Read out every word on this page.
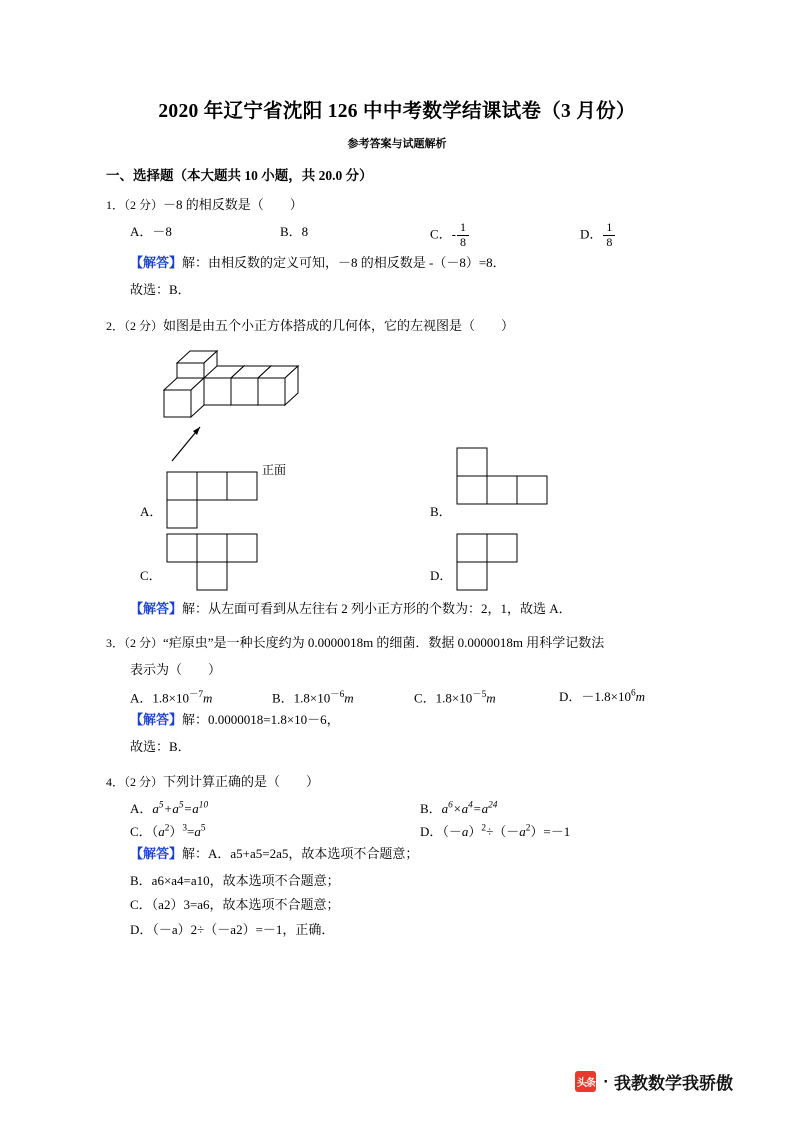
2020 年辽宁省沈阳 126 中中考数学结课试卷（3 月份）
参考答案与试题解析
一、选择题（本大题共 10 小题，共 20.0 分）
1．（2 分）－8 的相反数是（　　）
A．－8	B．8	C．- $\frac{1}{8}$	D． $\frac{1}{8}$
【解答】解：由相反数的定义可知，－8 的相反数是 -（－8）=8．
故选：B．
2．（2 分）如图是由五个小正方体搭成的几何体，它的左视图是（　　）
正面
A．	B．
C．	D．
【解答】解：从左面可看到从左往右 2 列小正方形的个数为：2，1，故选 A．
3．（2 分）“疟原虫”是一种长度约为 0.0000018m 的细菌．数据 0.0000018m 用科学记数法
表示为（　　）
A．$1.8\times 10^{-7}m$	B．$1.8\times 10^{-6}m$	C．$1.8\times 10^{-5}m$	D．$-1.8\times 10^6m$
【解答】解：0.0000018=1.8×10－6，
故选：B．
4．（2 分）下列计算正确的是（　　）
A．$a^5+a^5=a^{10}$	B．$a^6\times a^4=a^{24}$
C．$(a^2)^3=a^5$	D．$(-a)^2\div(-a^2)=-1$
【解答】解：A．a5+a5=2a5，故本选项不合题意；
B．a6×a4=a10，故本选项不合题意；
C．（a2）3=a6，故本选项不合题意；
D．（－a）2÷（－a2）=－1，正确．
头条 · 我教数学我骄傲
